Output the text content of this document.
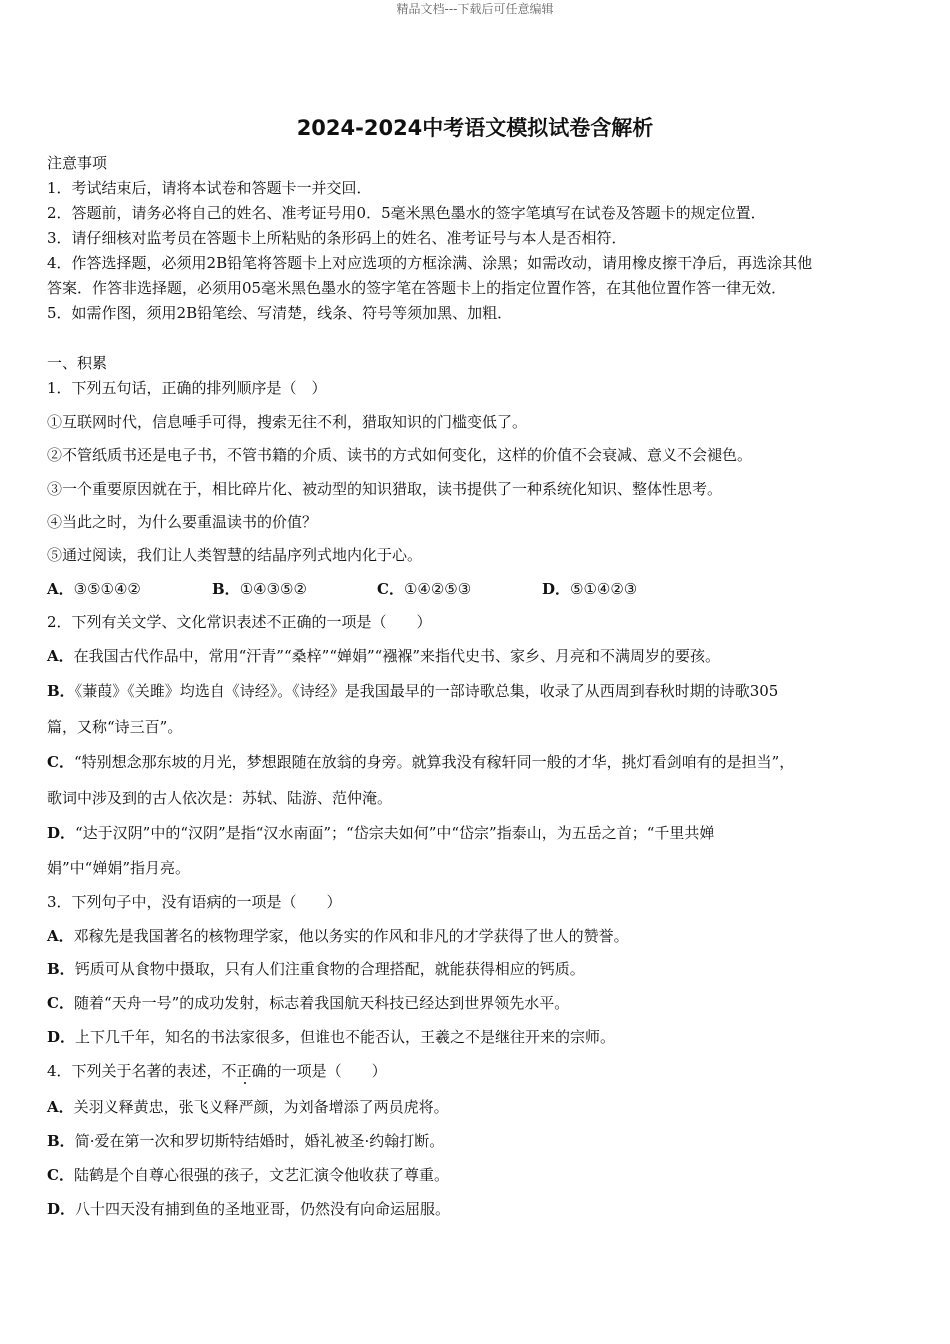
精品文档---下载后可任意编辑
2024-2024中考语文模拟试卷含解析
注意事项
1．考试结束后，请将本试卷和答题卡一并交回．
2．答题前，请务必将自己的姓名、准考证号用0．5毫米黑色墨水的签字笔填写在试卷及答题卡的规定位置．
3．请仔细核对监考员在答题卡上所粘贴的条形码上的姓名、准考证号与本人是否相符．
4．作答选择题，必须用2B铅笔将答题卡上对应选项的方框涂满、涂黑；如需改动，请用橡皮擦干净后，再选涂其他
答案．作答非选择题，必须用05毫米黑色墨水的签字笔在答题卡上的指定位置作答，在其他位置作答一律无效．
5．如需作图，须用2B铅笔绘、写清楚，线条、符号等须加黑、加粗．
一、积累
1．下列五句话，正确的排列顺序是（　）
①互联网时代，信息唾手可得，搜索无往不利，猎取知识的门槛变低了。
②不管纸质书还是电子书，不管书籍的介质、读书的方式如何变化，这样的价值不会衰减、意义不会褪色。
③一个重要原因就在于，相比碎片化、被动型的知识猎取，读书提供了一种系统化知识、整体性思考。
④当此之时，为什么要重温读书的价值？
⑤通过阅读，我们让人类智慧的结晶序列式地内化于心。
A．③⑤①④②	B．①④③⑤②	C．①④②⑤③	D．⑤①④②③
2．下列有关文学、文化常识表述不正确的一项是（　　）
A．在我国古代作品中，常用“汗青”“桑梓”“婵娟”“襁褓”来指代史书、家乡、月亮和不满周岁的要孩。
B．《蒹葭》《关雎》均选自《诗经》。《诗经》是我国最早的一部诗歌总集，收录了从西周到春秋时期的诗歌305
篇，又称“诗三百”。
C．“特别想念那东坡的月光，梦想跟随在放翁的身旁。就算我没有稼轩同一般的才华，挑灯看剑咱有的是担当”，
歌词中涉及到的古人依次是：苏轼、陆游、范仲淹。
D．“达于汉阴”中的“汉阴”是指“汉水南面”；“岱宗夫如何”中“岱宗”指泰山，为五岳之首；“千里共婵
娟”中“婵娟”指月亮。
3．下列句子中，没有语病的一项是（　　）
A．邓稼先是我国著名的核物理学家，他以务实的作风和非凡的才学获得了世人的赞誉。
B．钙质可从食物中摄取，只有人们注重食物的合理搭配，就能获得相应的钙质。
C．随着“天舟一号”的成功发射，标志着我国航天科技已经达到世界领先水平。
D．上下几千年，知名的书法家很多，但谁也不能否认，王羲之不是继往开来的宗师。
4．下列关于名著的表述，不正确的一项是（　　）
A．关羽义释黄忠，张飞义释严颜，为刘备增添了两员虎将。
B．简·爱在第一次和罗切斯特结婚时，婚礼被圣·约翰打断。
C．陆鹤是个自尊心很强的孩子，文艺汇演令他收获了尊重。
D．八十四天没有捕到鱼的圣地亚哥，仍然没有向命运屈服。
